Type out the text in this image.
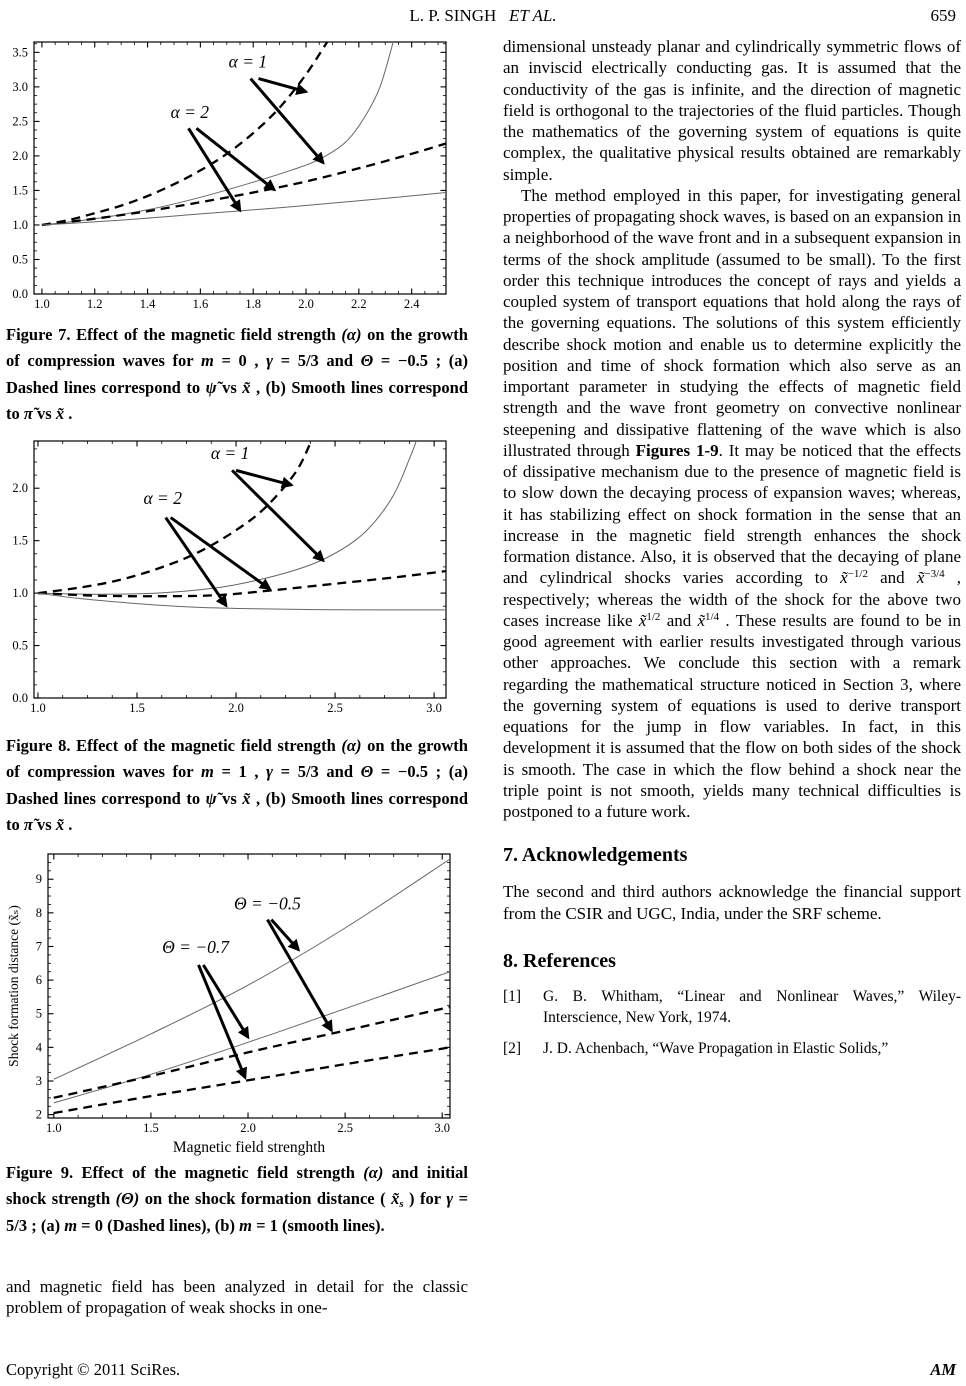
L. P. SINGH ET AL.	659
1.0	1.2	1.4	1.6	1.8	2.0	2.2	2.4
0.0
0.5
1.0
1.5
2.0
2.5
3.0
3.5	α = 1
α = 2

Figure 7. Effect of the magnetic field strength (α) on the growth of compression waves for m = 0 , γ = 5/3 and Θ = −0.5 ; (a) Dashed lines correspond to ψ̃ vs x̃ , (b) Smooth lines correspond to π̃ vs x̃ .

1.0	1.5	2.0	2.5	3.0
0.0
0.5
1.0
1.5
2.0
α = 1
α = 2

Figure 8. Effect of the magnetic field strength (α) on the growth of compression waves for m = 1 , γ = 5/3 and Θ = −0.5 ; (a) Dashed lines correspond to ψ̃ vs x̃ , (b) Smooth lines correspond to π̃ vs x̃ .

1.0	1.5	2.0	2.5	3.0
2
3
4
5
6
7
8
9
Magnetic field strenghth
Shock formation distance (x̃ₛ)
Θ = −0.5
Θ = −0.7

Figure 9. Effect of the magnetic field strength (α) and initial shock strength (Θ) on the shock formation distance ( x̃s ) for γ = 5/3 ; (a) m = 0 (Dashed lines), (b) m = 1 (smooth lines).

and magnetic field has been analyzed in detail for the classic problem of propagation of weak shocks in one-

dimensional unsteady planar and cylindrically symmetric flows of an inviscid electrically conducting gas. It is assumed that the conductivity of the gas is infinite, and the direction of magnetic field is orthogonal to the trajectories of the fluid particles. Though the mathematics of the governing system of equations is quite complex, the qualitative physical results obtained are remarkably simple.

The method employed in this paper, for investigating general properties of propagating shock waves, is based on an expansion in a neighborhood of the wave front and in a subsequent expansion in terms of the shock amplitude (assumed to be small). To the first order this technique introduces the concept of rays and yields a coupled system of transport equations that hold along the rays of the governing equations. The solutions of this system efficiently describe shock motion and enable us to determine explicitly the position and time of shock formation which also serve as an important parameter in studying the effects of magnetic field strength and the wave front geometry on convective nonlinear steepening and dissipative flattening of the wave which is also illustrated through Figures 1-9. It may be noticed that the effects of dissipative mechanism due to the presence of magnetic field is to slow down the decaying process of expansion waves; whereas, it has stabilizing effect on shock formation in the sense that an increase in the magnetic field strength enhances the shock formation distance. Also, it is observed that the decaying of plane and cylindrical shocks varies according to x̃$^{-1/2}$ and x̃$^{-3/4}$ , respectively; whereas the width of the shock for the above two cases increase like x̃$^{1/2}$ and x̃$^{1/4}$ . These results are found to be in good agreement with earlier results investigated through various other approaches. We conclude this section with a remark regarding the mathematical structure noticed in Section 3, where the governing system of equations is used to derive transport equations for the jump in flow variables. In fact, in this development it is assumed that the flow on both sides of the shock is smooth. The case in which the flow behind a shock near the triple point is not smooth, yields many technical difficulties is postponed to a future work.

7. Acknowledgements

The second and third authors acknowledge the financial support from the CSIR and UGC, India, under the SRF scheme.

8. References
[1]	G. B. Whitham, “Linear and Nonlinear Waves,” Wiley-Interscience, New York, 1974.
[2]	J. D. Achenbach, “Wave Propagation in Elastic Solids,”
Copyright © 2011 SciRes.	AM
